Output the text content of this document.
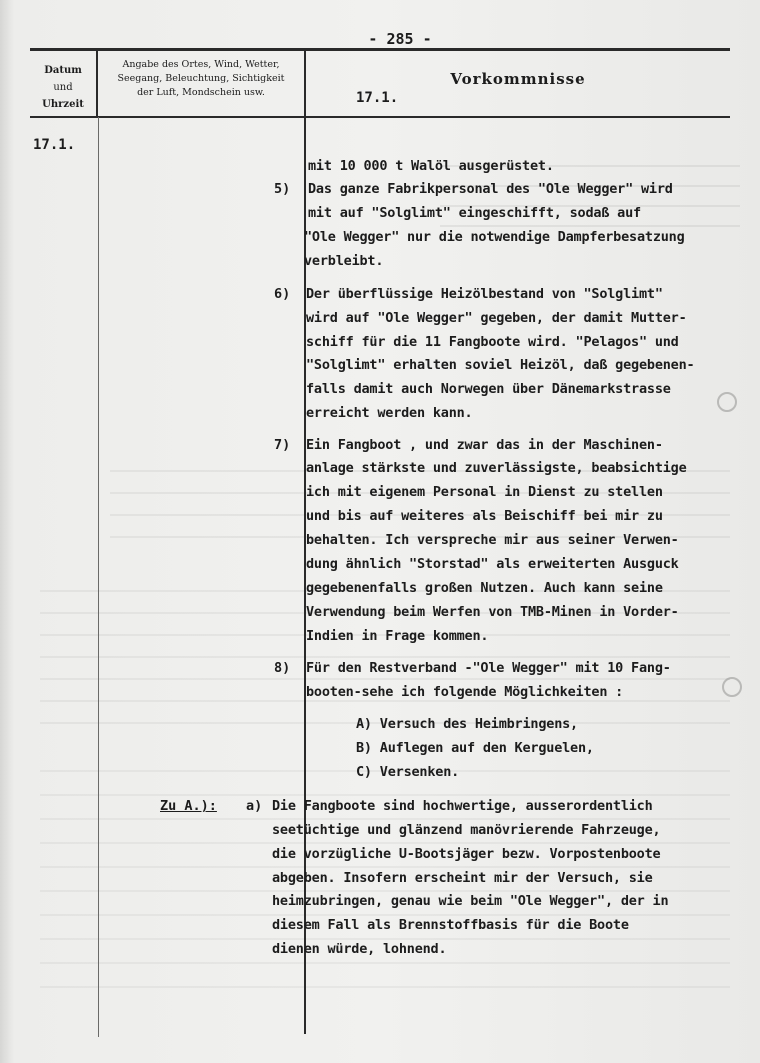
- 285 -
Datum
und
Uhrzeit
Angabe des Ortes, Wind, Wetter,
Seegang, Beleuchtung, Sichtigkeit
der Luft, Mondschein usw.
Vorkommnisse
17.1.
17.1.
mit 10 000 t Walöl ausgerüstet.
5) Das ganze Fabrikpersonal des "Ole Wegger" wird
mit auf "Solglimt" eingeschifft, sodaß auf
"Ole Wegger" nur die notwendige Dampferbesatzung
verbleibt.
6) Der überflüssige Heizölbestand von "Solglimt"
wird auf "Ole Wegger" gegeben, der damit Mutter-
schiff für die 11 Fangboote wird. "Pelagos" und
"Solglimt" erhalten soviel Heizöl, daß gegebenen-
falls damit auch Norwegen über Dänemarkstrasse
erreicht werden kann.
7) Ein Fangboot , und zwar das in der Maschinen-
anlage stärkste und zuverlässigste, beabsichtige
ich mit eigenem Personal in Dienst zu stellen
und bis auf weiteres als Beischiff bei mir zu
behalten. Ich verspreche mir aus seiner Verwen-
dung ähnlich "Storstad" als erweiterten Ausguck
gegebenenfalls großen Nutzen. Auch kann seine
Verwendung beim Werfen von TMB-Minen in Vorder-
Indien in Frage kommen.
8) Für den Restverband -"Ole Wegger" mit 10 Fang-
booten-sehe ich folgende Möglichkeiten :
A) Versuch des Heimbringens,
B) Auflegen auf den Kerguelen,
C) Versenken.
Zu A.): a) Die Fangboote sind hochwertige, ausserordentlich
seetüchtige und glänzend manövrierende Fahrzeuge,
die vorzügliche U-Bootsjäger bezw. Vorpostenboote
abgeben. Insofern erscheint mir der Versuch, sie
heimzubringen, genau wie beim "Ole Wegger", der in
diesem Fall als Brennstoffbasis für die Boote
dienen würde, lohnend.
